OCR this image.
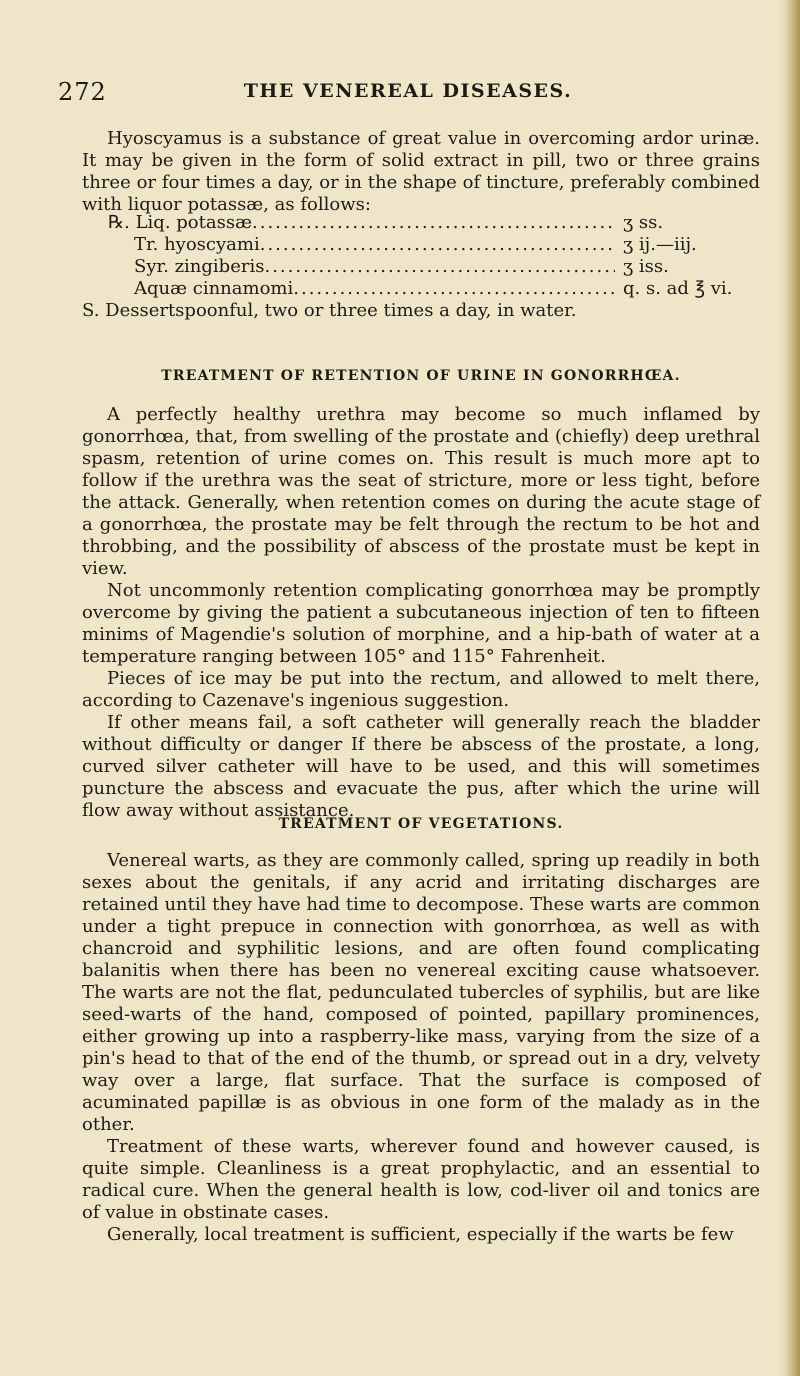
272	THE VENEREAL DISEASES.

Hyoscyamus is a substance of great value in overcoming ardor urinæ. It may be given in the form of solid extract in pill, two or three grains three or four times a day, or in the shape of tincture, preferably combined with liquor potassæ, as follows:

℞.
Liq. potassæ .....	ʒ ss.
Tr. hyoscyami .....	ʒ ij.—iij.
Syr. zingiberis .....	ʒ iss.
Aquæ cinnamomi .....	q. s. ad ℥ vi.
S. Dessertspoonful, two or three times a day, in water.
TREATMENT OF RETENTION OF URINE IN GONORRHŒA.

A perfectly healthy urethra may become so much inflamed by gonorrhœa, that, from swelling of the prostate and (chiefly) deep urethral spasm, retention of urine comes on. This result is much more apt to follow if the urethra was the seat of stricture, more or less tight, before the attack. Generally, when retention comes on during the acute stage of a gonorrhœa, the prostate may be felt through the rectum to be hot and throbbing, and the possibility of abscess of the prostate must be kept in view.

Not uncommonly retention complicating gonorrhœa may be promptly overcome by giving the patient a subcutaneous injection of ten to fifteen minims of Magendie's solution of morphine, and a hip-bath of water at a temperature ranging between 105° and 115° Fahrenheit.

Pieces of ice may be put into the rectum, and allowed to melt there, according to Cazenave's ingenious suggestion.

If other means fail, a soft catheter will generally reach the bladder without difficulty or danger If there be abscess of the prostate, a long, curved silver catheter will have to be used, and this will sometimes puncture the abscess and evacuate the pus, after which the urine will flow away without assistance.

TREATMENT OF VEGETATIONS.

Venereal warts, as they are commonly called, spring up readily in both sexes about the genitals, if any acrid and irritating discharges are retained until they have had time to decompose. These warts are common under a tight prepuce in connection with gonorrhœa, as well as with chancroid and syphilitic lesions, and are often found complicating balanitis when there has been no venereal exciting cause whatsoever. The warts are not the flat, pedunculated tubercles of syphilis, but are like seed-warts of the hand, composed of pointed, papillary prominences, either growing up into a raspberry-like mass, varying from the size of a pin's head to that of the end of the thumb, or spread out in a dry, velvety way over a large, flat surface. That the surface is composed of acuminated papillæ is as obvious in one form of the malady as in the other.

Treatment of these warts, wherever found and however caused, is quite simple. Cleanliness is a great prophylactic, and an essential to radical cure. When the general health is low, cod-liver oil and tonics are of value in obstinate cases.

Generally, local treatment is sufficient, especially if the warts be few
